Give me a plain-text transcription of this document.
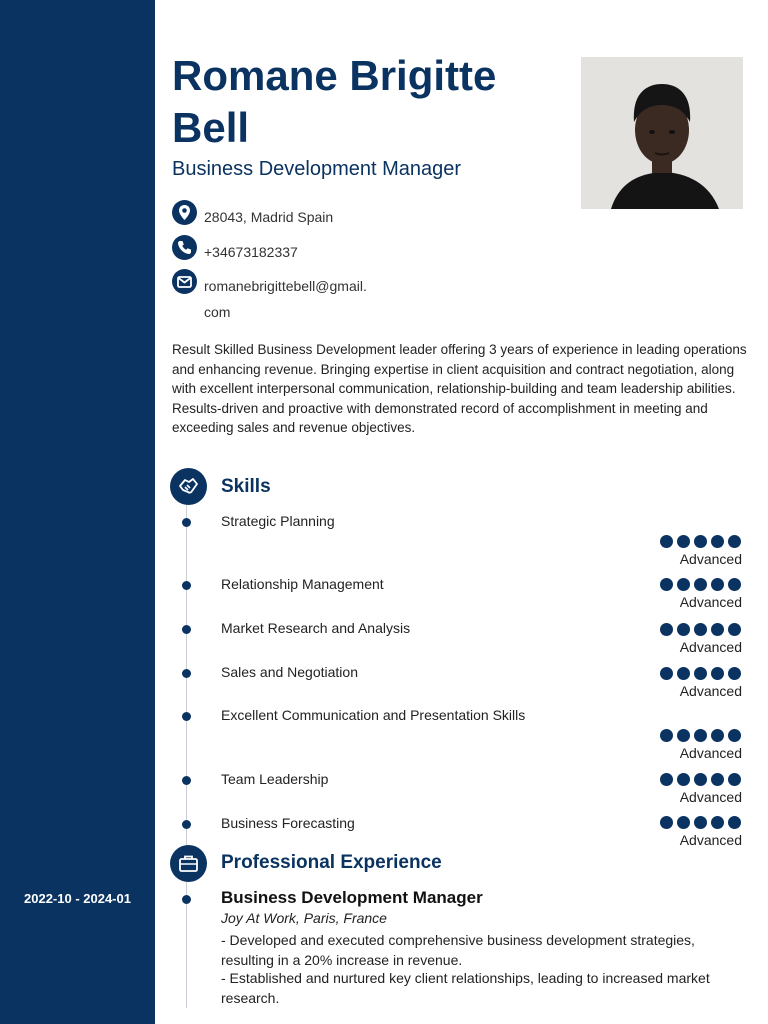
2022-10 - 2024-01
Romane Brigitte Bell
Business Development Manager
28043, Madrid Spain
+34673182337
romanebrigittebell@gmail.com
Result Skilled Business Development leader offering 3 years of experience in leading operations and enhancing revenue. Bringing expertise in client acquisition and contract negotiation, along with excellent interpersonal communication, relationship-building and team leadership abilities. Results-driven and proactive with demonstrated record of accomplishment in meeting and exceeding sales and revenue objectives.
Skills
Strategic Planning
Advanced
Relationship Management
Advanced
Market Research and Analysis
Advanced
Sales and Negotiation
Advanced
Excellent Communication and Presentation Skills
Advanced
Team Leadership
Advanced
Business Forecasting
Advanced
Professional Experience
Business Development Manager
Joy At Work, Paris, France
- Developed and executed comprehensive business development strategies, resulting in a 20% increase in revenue.
- Established and nurtured key client relationships, leading to increased market research.
